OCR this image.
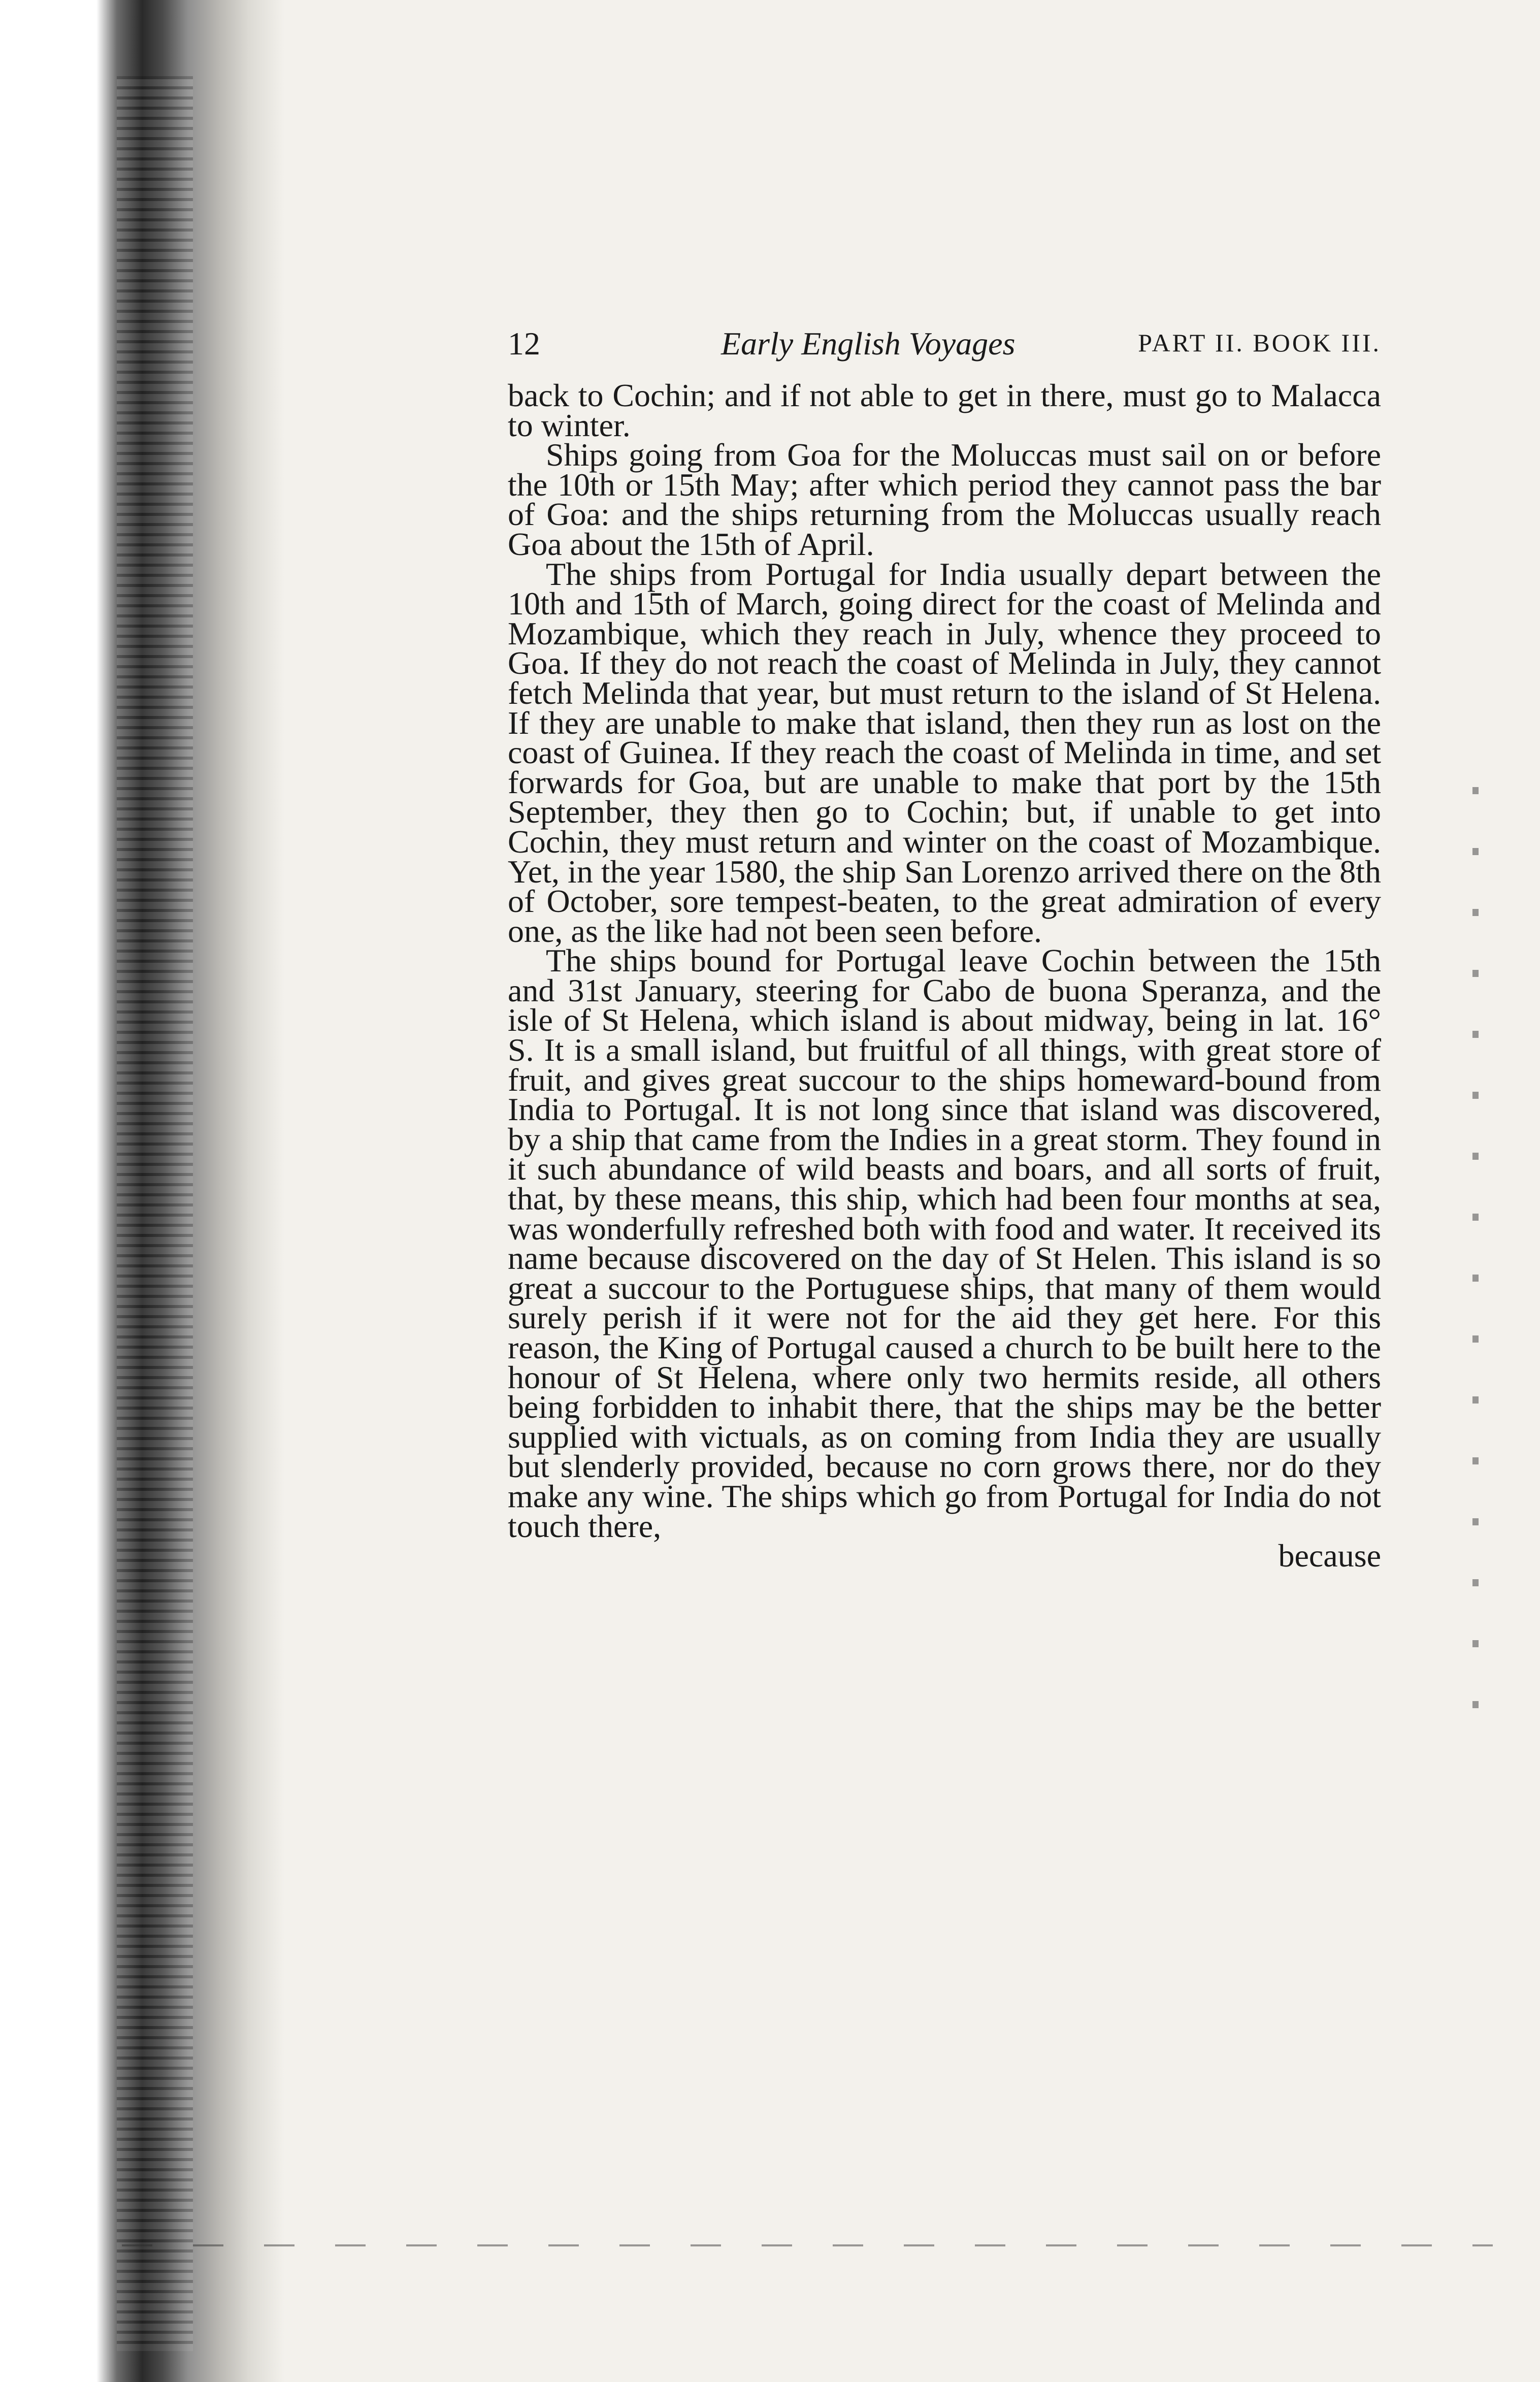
12	Early English Voyages	PART II. BOOK III.

back to Cochin; and if not able to get in there, must go to Malacca to winter.

Ships going from Goa for the Moluccas must sail on or before the 10th or 15th May; after which period they cannot pass the bar of Goa: and the ships returning from the Moluccas usually reach Goa about the 15th of April.

The ships from Portugal for India usually depart between the 10th and 15th of March, going direct for the coast of Melinda and Mozambique, which they reach in July, whence they proceed to Goa. If they do not reach the coast of Melinda in July, they cannot fetch Melinda that year, but must return to the island of St Helena. If they are unable to make that island, then they run as lost on the coast of Guinea. If they reach the coast of Melinda in time, and set forwards for Goa, but are unable to make that port by the 15th September, they then go to Cochin; but, if unable to get into Cochin, they must return and winter on the coast of Mozambique. Yet, in the year 1580, the ship San Lorenzo arrived there on the 8th of October, sore tempest-beaten, to the great admiration of every one, as the like had not been seen before.

The ships bound for Portugal leave Cochin between the 15th and 31st January, steering for Cabo de buona Speranza, and the isle of St Helena, which island is about midway, being in lat. 16° S. It is a small island, but fruitful of all things, with great store of fruit, and gives great succour to the ships homeward-bound from India to Portugal. It is not long since that island was discovered, by a ship that came from the Indies in a great storm. They found in it such abundance of wild beasts and boars, and all sorts of fruit, that, by these means, this ship, which had been four months at sea, was wonderfully refreshed both with food and water. It received its name because discovered on the day of St Helen. This island is so great a succour to the Portuguese ships, that many of them would surely perish if it were not for the aid they get here. For this reason, the King of Portugal caused a church to be built here to the honour of St Helena, where only two hermits reside, all others being forbidden to inhabit there, that the ships may be the better supplied with victuals, as on coming from India they are usually but slenderly provided, because no corn grows there, nor do they make any wine. The ships which go from Portugal for India do not touch there,

because
